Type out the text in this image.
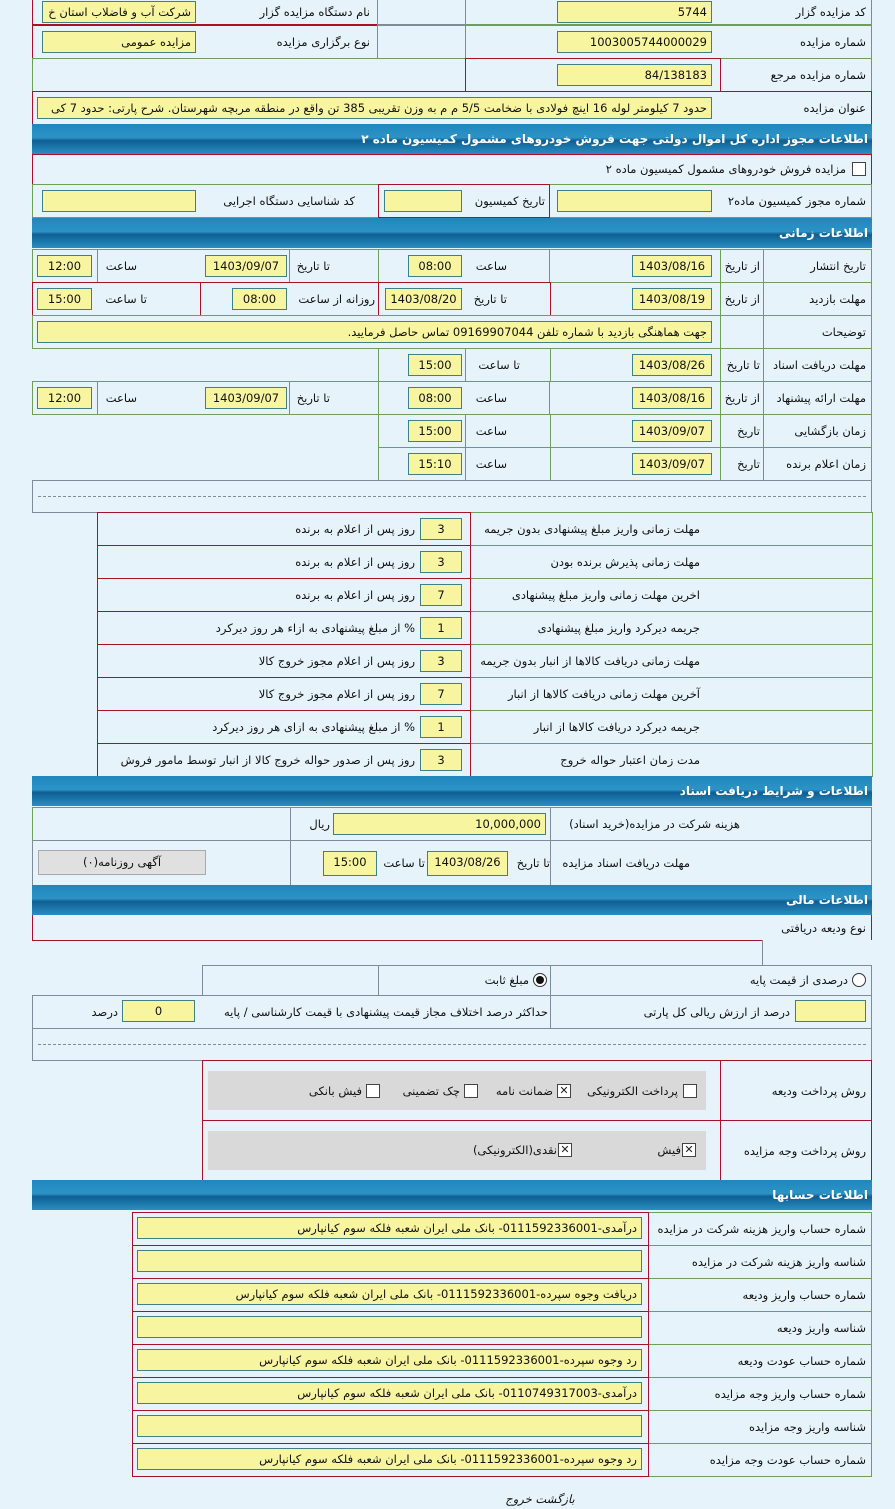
کد مزایده گزار
5744
نام دستگاه مزایده گزار
شرکت آب و فاضلاب استان خ
شماره مزایده
1003005744000029
نوع برگزاری مزایده
مزایده عمومی
شماره مزایده مرجع
84/138183
عنوان مزایده
حدود 7 کیلومتر لوله 16 اینچ فولادی با ضخامت 5/5 م م به وزن تقریبی 385 تن واقع در منطقه مربچه شهرستان. شرح پارتی: حدود 7 کی
اطلاعات مجوز اداره کل اموال دولتی جهت فروش خودروهای مشمول کمیسیون ماده ۲
مزایده فروش خودروهای مشمول کمیسیون ماده ۲
شماره مجوز کمیسیون ماده۲
تاریخ کمیسیون
کد شناسایی دستگاه اجرایی
اطلاعات زمانی
تاریخ انتشار
از تاریخ
1403/08/16
ساعت
08:00
تا تاریخ
1403/09/07
ساعت
12:00
مهلت بازدید
از تاریخ
1403/08/19
تا تاریخ
1403/08/20
روزانه از ساعت
08:00
تا ساعت
15:00
توضیحات
جهت هماهنگی بازدید با شماره تلفن 09169907044 تماس حاصل فرمایید.
مهلت دریافت اسناد
تا تاریخ
1403/08/26
تا ساعت
15:00
مهلت ارائه پیشنهاد
از تاریخ
1403/08/16
ساعت
08:00
تا تاریخ
1403/09/07
ساعت
12:00
زمان بازگشایی
تاریخ
1403/09/07
ساعت
15:00
زمان اعلام برنده
تاریخ
1403/09/07
ساعت
15:10
مهلت زمانی واریز مبلغ پیشنهادی بدون جریمه
3
روز پس از اعلام به برنده
مهلت زمانی پذیرش برنده بودن
3
روز پس از اعلام به برنده
اخرین مهلت زمانی واریز مبلغ پیشنهادی
7
روز پس از اعلام به برنده
جریمه دیرکرد واریز مبلغ پیشنهادی
1
% از مبلغ پیشنهادی به ازاء هر روز دیرکرد
مهلت زمانی دریافت کالاها از انبار بدون جریمه
3
روز پس از اعلام مجوز خروج کالا
آخرین مهلت زمانی دریافت کالاها از انبار
7
روز پس از اعلام مجوز خروج کالا
جریمه دیرکرد دریافت کالاها از انبار
1
% از مبلغ پیشنهادی به ازای هر روز دیرکرد
مدت زمان اعتبار حواله خروج
3
روز پس از صدور حواله خروج کالا از انبار توسط مامور فروش
اطلاعات و شرایط دریافت اسناد
هزینه شرکت در مزایده(خرید اسناد)
10,000,000
ریال
مهلت دریافت اسناد مزایده
تا تاریخ
1403/08/26
تا ساعت
15:00
آگهی روزنامه(۰)
اطلاعات مالی
نوع ودیعه دریافتی
درصدی از قیمت پایه
مبلغ ثابت
درصد از ارزش ریالی کل پارتی
حداکثر درصد اختلاف مجاز قیمت پیشنهادی با قیمت کارشناسی / پایه
0
درصد
روش پرداخت ودیعه
پرداخت الکترونیکی
✕
ضمانت نامه
چک تضمینی
فیش بانکی
روش پرداخت وجه مزایده
✕
فیش
✕
نقدی(الکترونیکی)
اطلاعات حسابها
شماره حساب واریز هزینه شرکت در مزایده
درآمدی-0111592336001- بانک ملی ایران شعبه فلکه سوم کیانپارس
شناسه واریز هزینه شرکت در مزایده
شماره حساب واریز ودیعه
دریافت وجوه سپرده-0111592336001- بانک ملی ایران شعبه فلکه سوم کیانپارس
شناسه واریز ودیعه
شماره حساب عودت ودیعه
رد وجوه سپرده-0111592336001- بانک ملی ایران شعبه فلکه سوم کیانپارس
شماره حساب واریز وجه مزایده
درآمدی-0110749317003- بانک ملی ایران شعبه فلکه سوم کیانپارس
شناسه واریز وجه مزایده
شماره حساب عودت وجه مزایده
رد وجوه سپرده-0111592336001- بانک ملی ایران شعبه فلکه سوم کیانپارس
بازگشت خروج
